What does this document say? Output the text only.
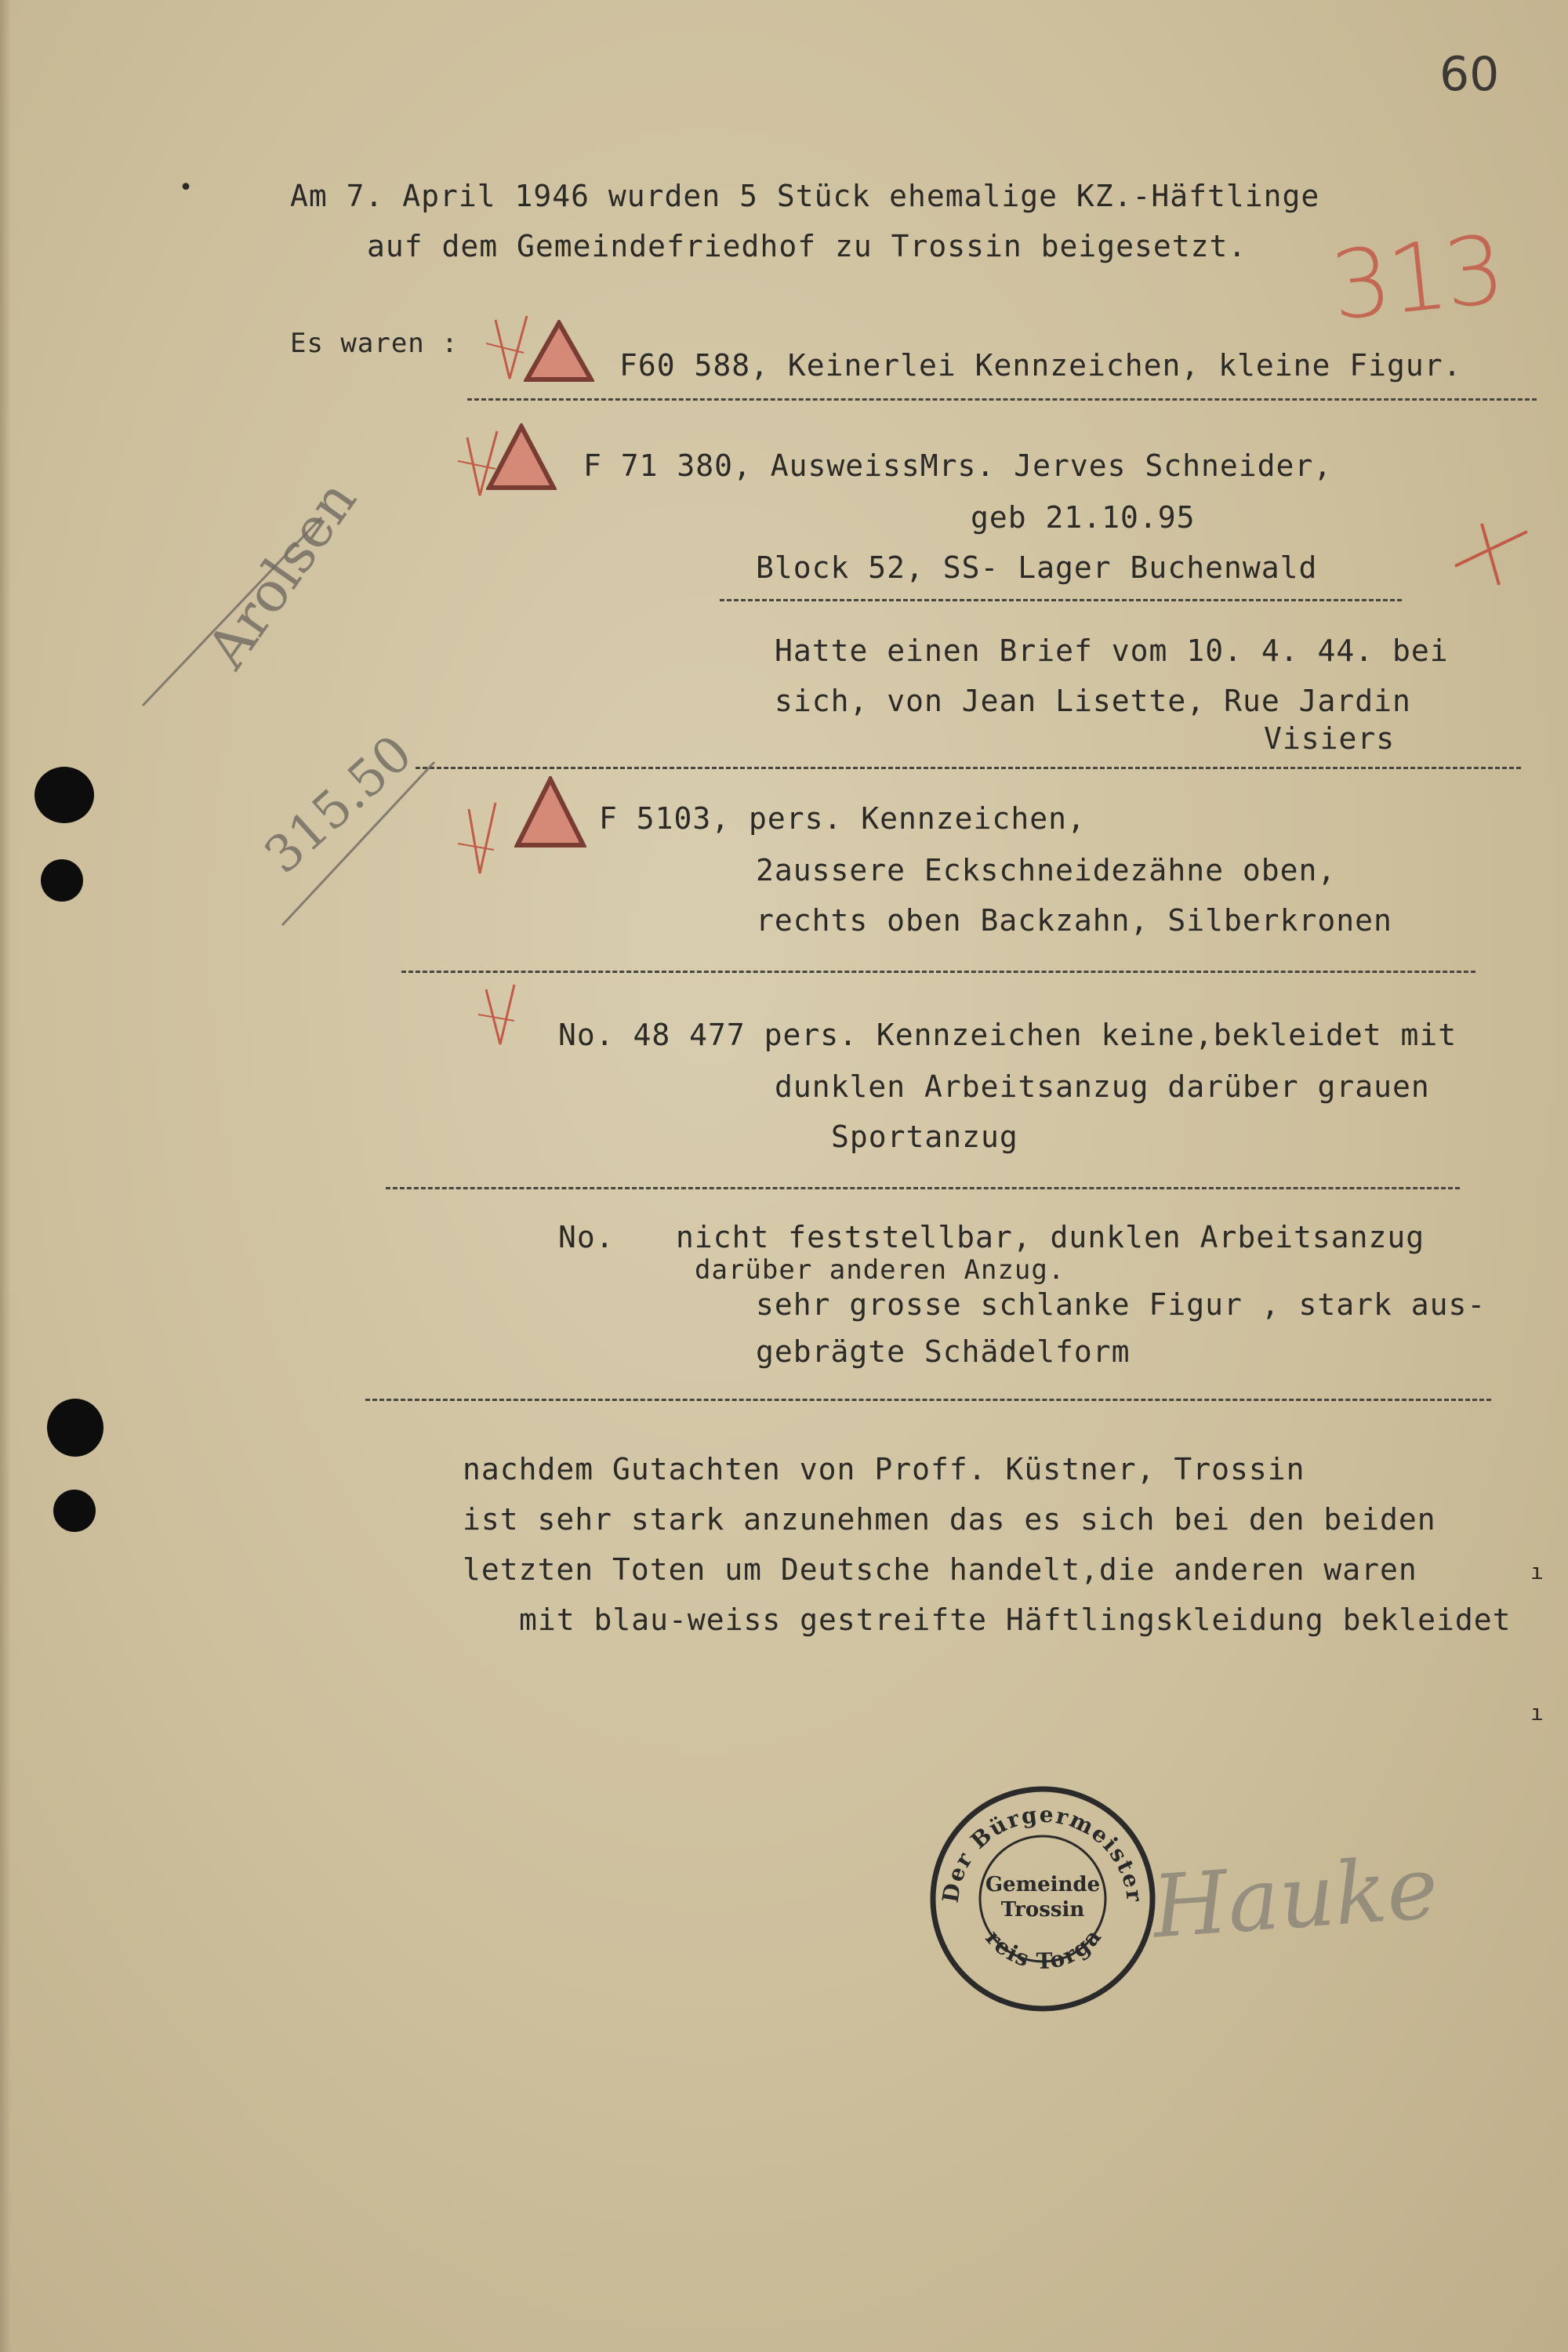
60
313
•	Am 7. April 1946 wurden 5 Stück ehemalige KZ.-Häftlinge
auf dem Gemeindefriedhof zu Trossin beigesetzt.
Es waren :
F60 588, Keinerlei Kennzeichen, kleine Figur.
F 71 380, AusweissMrs. Jerves Schneider,
geb 21.10.95
Block 52, SS- Lager Buchenwald
Hatte einen Brief vom 10. 4. 44. bei
sich, von Jean Lisette, Rue Jardin
Visiers
F 5103, pers. Kennzeichen,
2aussere Eckschneidezähne oben,
rechts oben Backzahn, Silberkronen
No. 48 477 pers. Kennzeichen keine,bekleidet mit
dunklen Arbeitsanzug darüber grauen
Sportanzug
No. nicht feststellbar, dunklen Arbeitsanzug
darüber anderen Anzug.
sehr grosse schlanke Figur , stark aus-
gebrägte Schädelform
nachdem Gutachten von Proff. Küstner, Trossin
ist sehr stark anzunehmen das es sich bei den beiden
letzten Toten um Deutsche handelt,die anderen waren
mit blau-weiss gestreifte Häftlingskleidung bekleidet
Arolsen
315.50
ı
ı
Der Bürgermeister
Gemeinde
Trossin
Kreis Torgau
Hauke
